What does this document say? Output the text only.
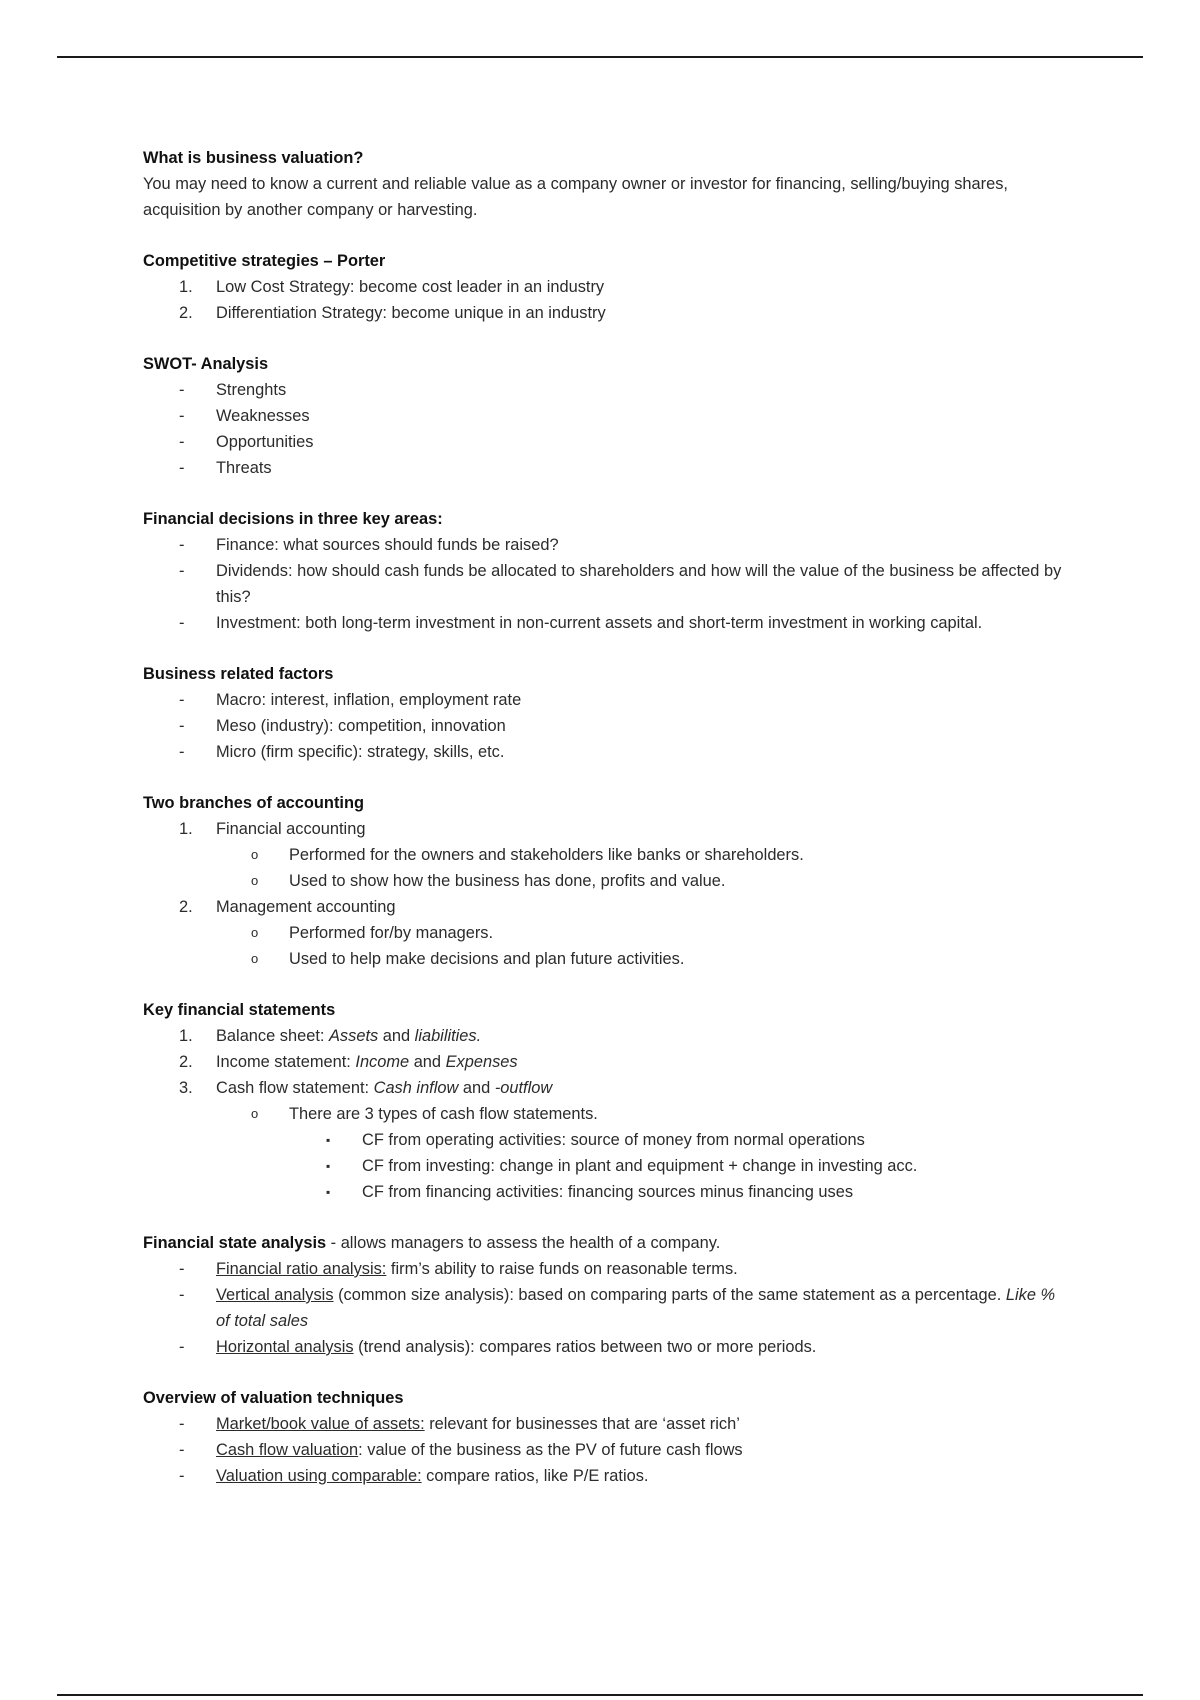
What is business valuation?
You may need to know a current and reliable value as a company owner or investor for financing, selling/buying shares, acquisition by another company or harvesting.
Competitive strategies – Porter
1.	Low Cost Strategy: become cost leader in an industry
2.	Differentiation Strategy: become unique in an industry
SWOT- Analysis
-	Strenghts
-	Weaknesses
-	Opportunities
-	Threats
Financial decisions in three key areas:
-	Finance: what sources should funds be raised?
-	Dividends: how should cash funds be allocated to shareholders and how will the value of the business be affected by this?
-	Investment: both long-term investment in non-current assets and short-term investment in working capital.
Business related factors
-	Macro: interest, inflation, employment rate
-	Meso (industry): competition, innovation
-	Micro (firm specific): strategy, skills, etc.
Two branches of accounting
1.	Financial accounting
o Performed for the owners and stakeholders like banks or shareholders.
o Used to show how the business has done, profits and value.
2.	Management accounting
o Performed for/by managers.
o Used to help make decisions and plan future activities.
Key financial statements
1.	Balance sheet: Assets and liabilities.
2.	Income statement: Income and Expenses
3.	Cash flow statement: Cash inflow and -outflow
o There are 3 types of cash flow statements.
▪ CF from operating activities: source of money from normal operations
▪ CF from investing: change in plant and equipment + change in investing acc.
▪ CF from financing activities: financing sources minus financing uses
Financial state analysis - allows managers to assess the health of a company.
-	Financial ratio analysis: firm’s ability to raise funds on reasonable terms.
-	Vertical analysis (common size analysis): based on comparing parts of the same statement as a percentage. Like % of total sales
-	Horizontal analysis (trend analysis): compares ratios between two or more periods.
Overview of valuation techniques
-	Market/book value of assets: relevant for businesses that are ‘asset rich’
-	Cash flow valuation: value of the business as the PV of future cash flows
-	Valuation using comparable: compare ratios, like P/E ratios.
